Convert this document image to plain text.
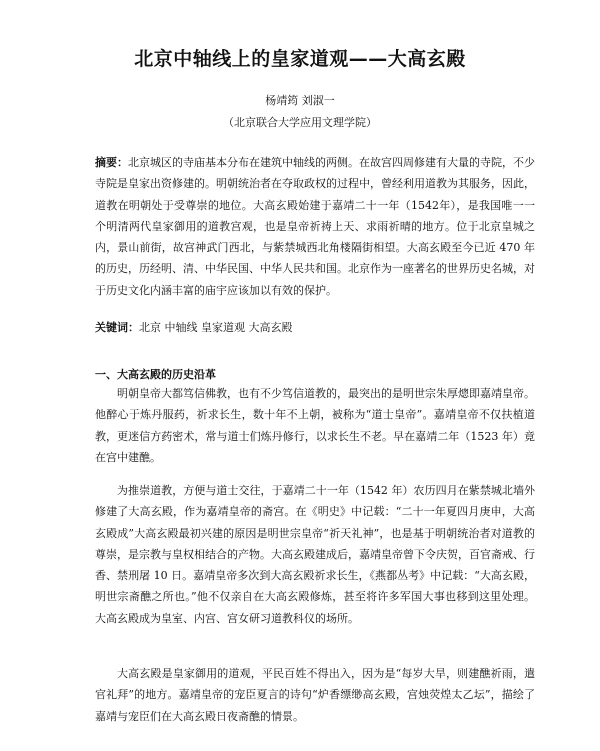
北京中轴线上的皇家道观——大高玄殿
杨靖筠 刘淑一
（北京联合大学应用文理学院）
摘要：北京城区的寺庙基本分布在建筑中轴线的两侧。在故宫四周修建有大量的寺院，不少寺院是皇家出资修建的。明朝统治者在夺取政权的过程中，曾经利用道教为其服务，因此，道教在明朝处于受尊崇的地位。大高玄殿始建于嘉靖二十一年（1542年），是我国唯一一个明清两代皇家御用的道教宫观，也是皇帝祈祷上天、求雨祈晴的地方。位于北京皇城之内，景山前街，故宫神武门西北，与紫禁城西北角楼隔街相望。大高玄殿至今已近 470 年的历史，历经明、清、中华民国、中华人民共和国。北京作为一座著名的世界历史名城，对于历史文化内涵丰富的庙宇应该加以有效的保护。
关键词：北京 中轴线 皇家道观 大高玄殿
一、大高玄殿的历史沿革
明朝皇帝大都笃信佛教，也有不少笃信道教的，最突出的是明世宗朱厚熜即嘉靖皇帝。他醉心于炼丹服药，祈求长生，数十年不上朝，被称为“道士皇帝”。嘉靖皇帝不仅扶植道教，更迷信方药密术，常与道士们炼丹修行，以求长生不老。早在嘉靖二年（1523 年）竟在宫中建醮。
为推崇道教，方便与道士交往，于嘉靖二十一年（1542 年）农历四月在紫禁城北墙外修建了大高玄殿，作为嘉靖皇帝的斋宫。在《明史》中记载：“二十一年夏四月庚申，大高玄殿成”大高玄殿最初兴建的原因是明世宗皇帝“祈天礼神”，也是基于明朝统治者对道教的尊崇，是宗教与皇权相结合的产物。大高玄殿建成后，嘉靖皇帝曾下令庆贺，百官斋戒、行香、禁刑屠 10 日。嘉靖皇帝多次到大高玄殿祈求长生，《燕都丛考》中记载：“大高玄殿，明世宗斋醮之所也。”他不仅亲自在大高玄殿修炼，甚至将许多军国大事也移到这里处理。大高玄殿成为皇室、内宫、宫女研习道教科仪的场所。
大高玄殿是皇家御用的道观，平民百姓不得出入，因为是“每岁大旱，则建醮祈雨，遣官礼拜”的地方。嘉靖皇帝的宠臣夏言的诗句“炉香缥缈高玄殿，宫烛荧煌太乙坛”，描绘了嘉靖与宠臣们在大高玄殿日夜斋醮的情景。
